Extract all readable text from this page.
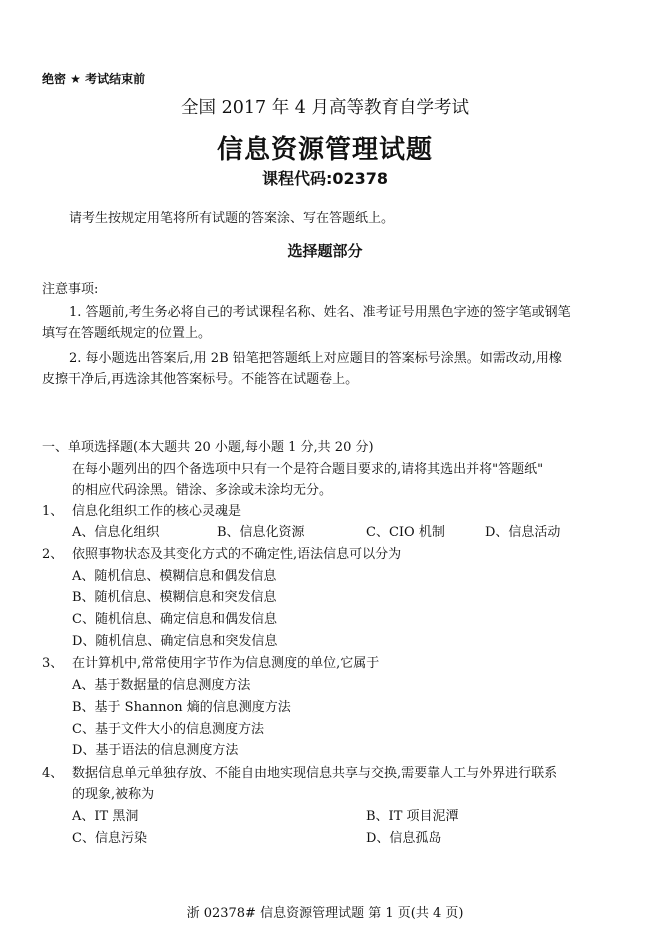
绝密 ★ 考试结束前
全国 2017 年 4 月高等教育自学考试
信息资源管理试题
课程代码:02378
请考生按规定用笔将所有试题的答案涂、写在答题纸上。
选择题部分
注意事项:
1. 答题前,考生务必将自己的考试课程名称、姓名、准考证号用黑色字迹的签字笔或钢笔
填写在答题纸规定的位置上。
2. 每小题选出答案后,用 2B 铅笔把答题纸上对应题目的答案标号涂黑。如需改动,用橡
皮擦干净后,再选涂其他答案标号。不能答在试题卷上。
一、单项选择题(本大题共 20 小题,每小题 1 分,共 20 分)
在每小题列出的四个备选项中只有一个是符合题目要求的,请将其选出并将"答题纸"
的相应代码涂黑。错涂、多涂或未涂均无分。
1、 信息化组织工作的核心灵魂是
A、信息化组织	B、信息化资源	C、CIO 机制	D、信息活动
2、 依照事物状态及其变化方式的不确定性,语法信息可以分为
A、随机信息、模糊信息和偶发信息
B、随机信息、模糊信息和突发信息
C、随机信息、确定信息和偶发信息
D、随机信息、确定信息和突发信息
3、 在计算机中,常常使用字节作为信息测度的单位,它属于
A、基于数据量的信息测度方法
B、基于 Shannon 熵的信息测度方法
C、基于文件大小的信息测度方法
D、基于语法的信息测度方法
4、 数据信息单元单独存放、不能自由地实现信息共享与交换,需要靠人工与外界进行联系
的现象,被称为
A、IT 黑洞	B、IT 项目泥潭
C、信息污染	D、信息孤岛
浙 02378# 信息资源管理试题 第 1 页(共 4 页)
